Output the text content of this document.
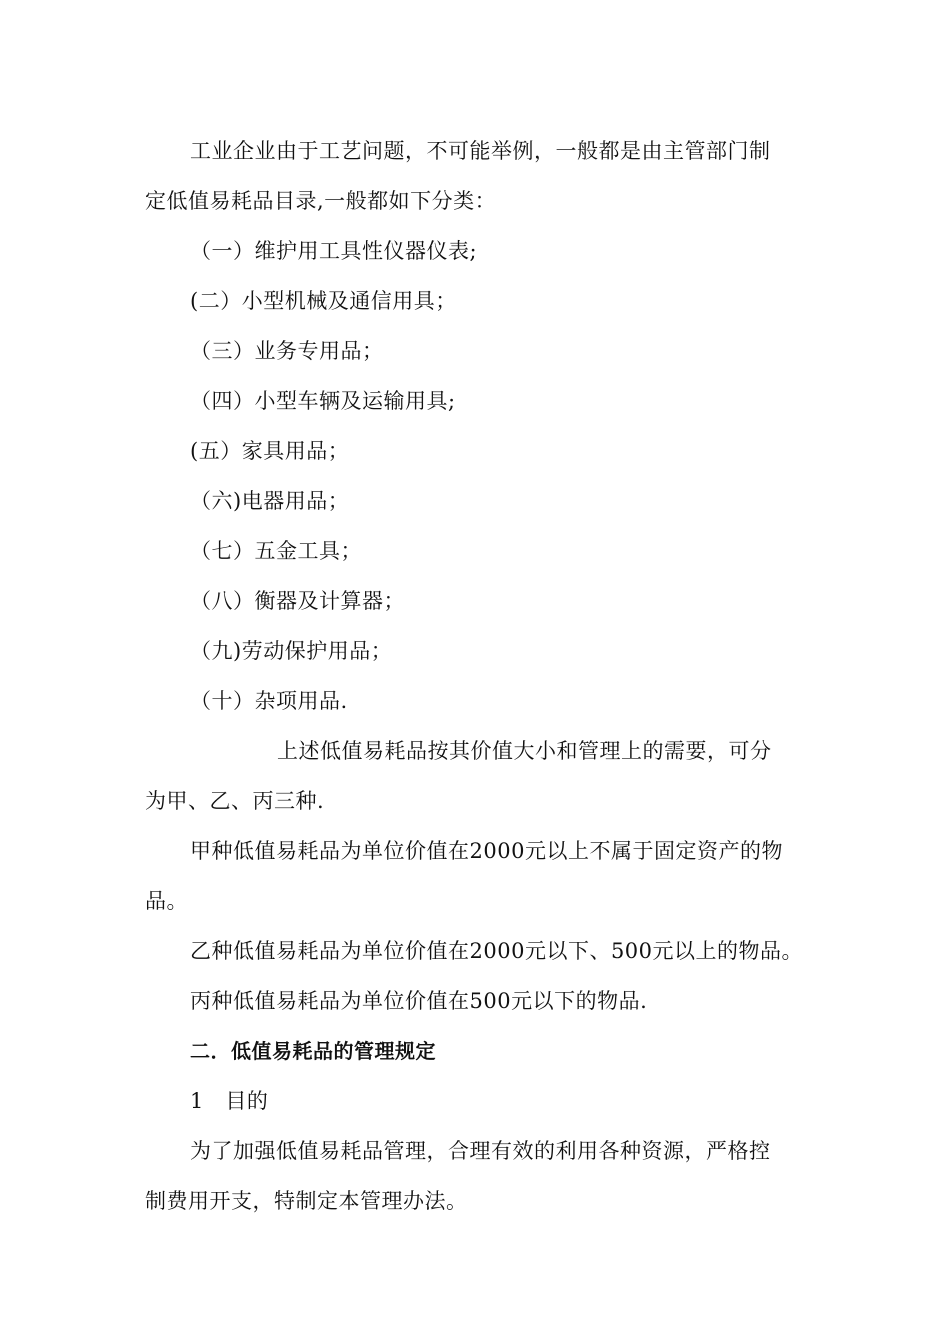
工业企业由于工艺问题，不可能举例，一般都是由主管部门制
定低值易耗品目录,一般都如下分类：
（一）维护用工具性仪器仪表;
(二）小型机械及通信用具；
（三）业务专用品；
（四）小型车辆及运输用具;
(五）家具用品；
（六)电器用品；
（七）五金工具；
（八）衡器及计算器；
（九)劳动保护用品；
（十）杂项用品.
上述低值易耗品按其价值大小和管理上的需要，可分
为甲、乙、丙三种.
甲种低值易耗品为单位价值在2000元以上不属于固定资产的物
品。
乙种低值易耗品为单位价值在2000元以下、500元以上的物品。
丙种低值易耗品为单位价值在500元以下的物品.
二．低值易耗品的管理规定
1　目的
为了加强低值易耗品管理，合理有效的利用各种资源，严格控
制费用开支，特制定本管理办法。
